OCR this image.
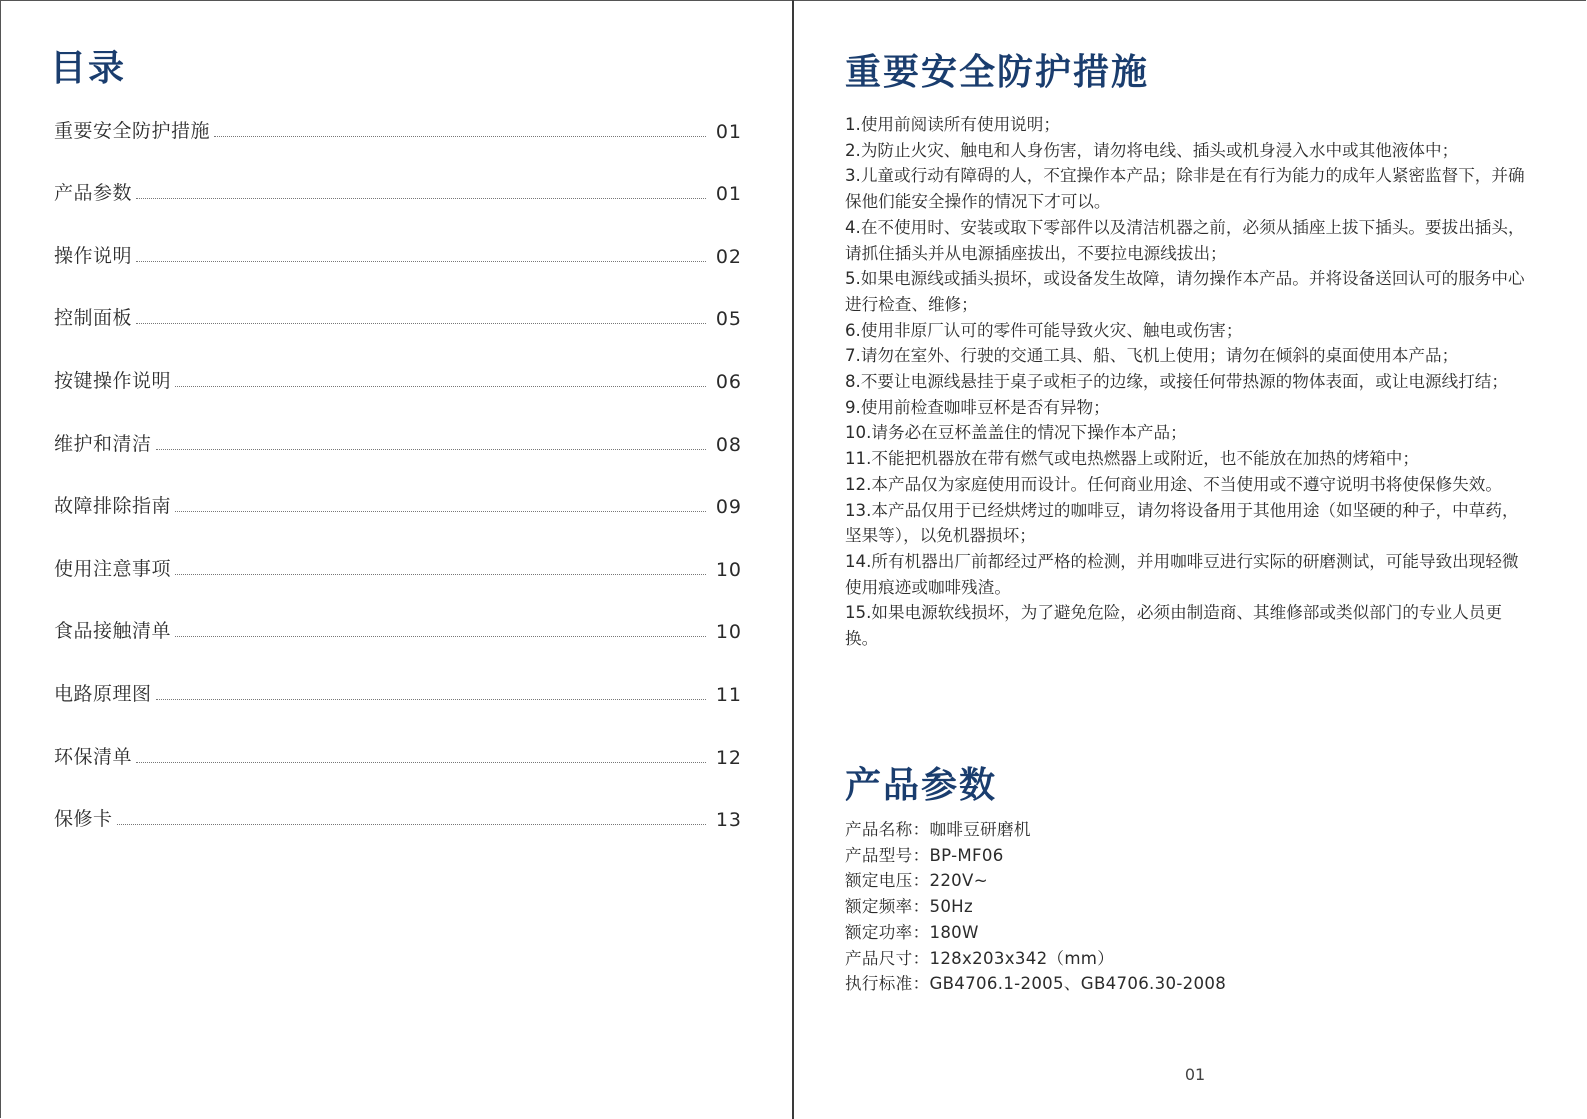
目录
重要安全防护措施	01
产品参数	01
操作说明	02
控制面板	05
按键操作说明	06
维护和清洁	08
故障排除指南	09
使用注意事项	10
食品接触清单	10
电路原理图	11
环保清单	12
保修卡	13
重要安全防护措施
1.使用前阅读所有使用说明；
2.为防止火灾、触电和人身伤害，请勿将电线、插头或机身浸入水中或其他液体中；
3.儿童或行动有障碍的人，不宜操作本产品；除非是在有行为能力的成年人紧密监督下，并确保他们能安全操作的情况下才可以。
4.在不使用时、安装或取下零部件以及清洁机器之前，必须从插座上拔下插头。要拔出插头，请抓住插头并从电源插座拔出，不要拉电源线拔出；
5.如果电源线或插头损坏，或设备发生故障，请勿操作本产品。并将设备送回认可的服务中心进行检查、维修；
6.使用非原厂认可的零件可能导致火灾、触电或伤害；
7.请勿在室外、行驶的交通工具、船、飞机上使用；请勿在倾斜的桌面使用本产品；
8.不要让电源线悬挂于桌子或柜子的边缘，或接任何带热源的物体表面，或让电源线打结；
9.使用前检查咖啡豆杯是否有异物；
10.请务必在豆杯盖盖住的情况下操作本产品；
11.不能把机器放在带有燃气或电热燃器上或附近，也不能放在加热的烤箱中；
12.本产品仅为家庭使用而设计。任何商业用途、不当使用或不遵守说明书将使保修失效。
13.本产品仅用于已经烘烤过的咖啡豆，请勿将设备用于其他用途（如坚硬的种子，中草药，坚果等），以免机器损坏；
14.所有机器出厂前都经过严格的检测，并用咖啡豆进行实际的研磨测试，可能导致出现轻微使用痕迹或咖啡残渣。
15.如果电源软线损坏，为了避免危险，必须由制造商、其维修部或类似部门的专业人员更换。
产品参数
产品名称：咖啡豆研磨机
产品型号：BP-MF06
额定电压：220V~
额定频率：50Hz
额定功率：180W
产品尺寸：128x203x342（mm）
执行标准：GB4706.1-2005、GB4706.30-2008
01
